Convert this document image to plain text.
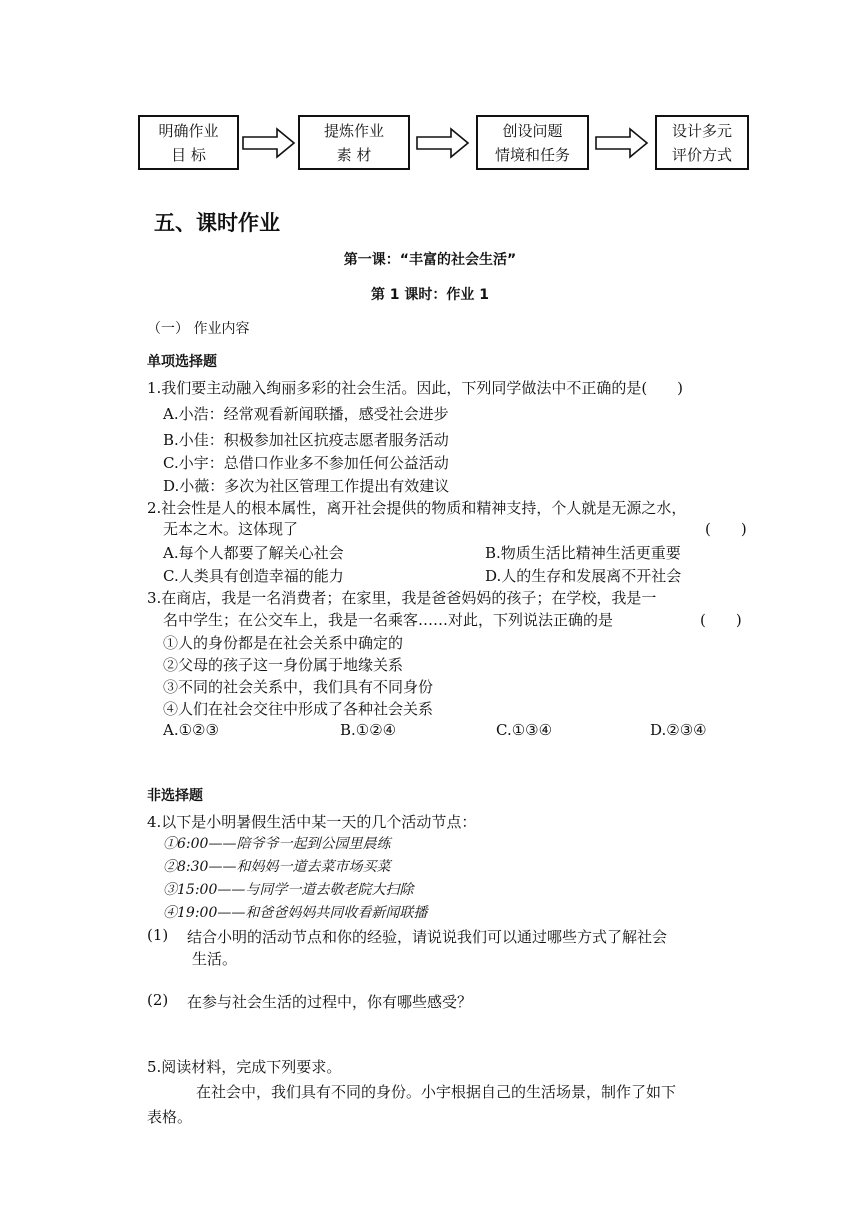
明确作业
目 标
提炼作业
素 材
创设问题
情境和任务
设计多元
评价方式
五、课时作业
第一课：“丰富的社会生活”
第 1 课时：作业 1
（一） 作业内容
单项选择题
1.我们要主动融入绚丽多彩的社会生活。因此，下列同学做法中不正确的是(　　)
A.小浩：经常观看新闻联播，感受社会进步
B.小佳：积极参加社区抗疫志愿者服务活动
C.小宇：总借口作业多不参加任何公益活动
D.小薇：多次为社区管理工作提出有效建议
2.社会性是人的根本属性，离开社会提供的物质和精神支持，个人就是无源之水，
无本之木。这体现了	(　　)
A.每个人都要了解关心社会	B.物质生活比精神生活更重要
C.人类具有创造幸福的能力	D.人的生存和发展离不开社会
3.在商店，我是一名消费者；在家里，我是爸爸妈妈的孩子；在学校，我是一
名中学生；在公交车上，我是一名乘客……对此，下列说法正确的是	(　　)
①人的身份都是在社会关系中确定的
②父母的孩子这一身份属于地缘关系
③不同的社会关系中，我们具有不同身份
④人们在社会交往中形成了各种社会关系
A.①②③	B.①②④	C.①③④	D.②③④
非选择题
4.以下是小明暑假生活中某一天的几个活动节点：
①6:00——陪爷爷一起到公园里晨练
②8:30——和妈妈一道去菜市场买菜
③15:00——与同学一道去敬老院大扫除
④19:00——和爸爸妈妈共同收看新闻联播
(1) 结合小明的活动节点和你的经验，请说说我们可以通过哪些方式了解社会
生活。
(2) 在参与社会生活的过程中，你有哪些感受？
5.阅读材料，完成下列要求。
在社会中，我们具有不同的身份。小宇根据自己的生活场景，制作了如下
表格。
